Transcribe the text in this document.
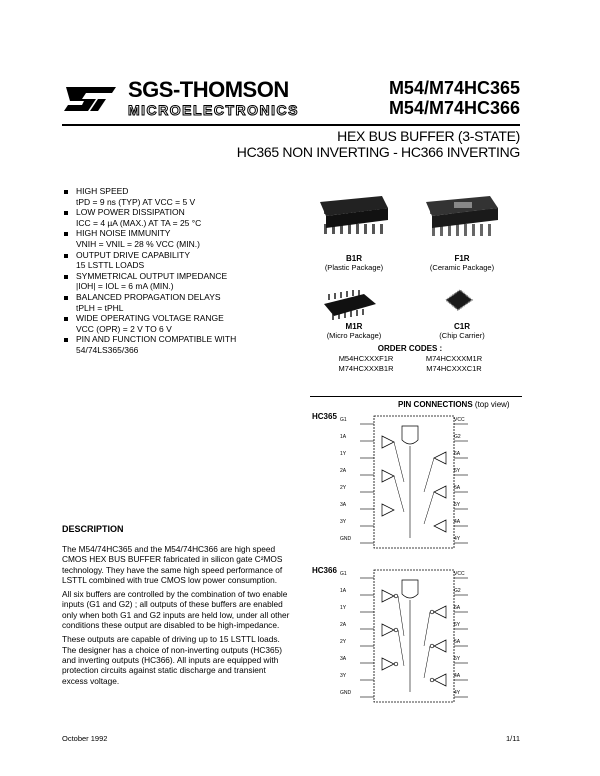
SGS-THOMSON
MICROELECTRONICS
M54/M74HC365
M54/M74HC366
HEX BUS BUFFER (3-STATE)
HC365 NON INVERTING - HC366 INVERTING
HIGH SPEED
tPD = 9 ns (TYP) AT VCC = 5 V
LOW POWER DISSIPATION
ICC = 4 µA (MAX.) AT TA = 25 °C
HIGH NOISE IMMUNITY
VNIH = VNIL = 28 % VCC (MIN.)
OUTPUT DRIVE CAPABILITY
15 LSTTL LOADS
SYMMETRICAL OUTPUT IMPEDANCE
|IOH| = IOL = 6 mA (MIN.)
BALANCED PROPAGATION DELAYS
tPLH = tPHL
WIDE OPERATING VOLTAGE RANGE
VCC (OPR) = 2 V TO 6 V
PIN AND FUNCTION COMPATIBLE WITH
54/74LS365/366
B1R
(Plastic Package)
F1R
(Ceramic Package)
M1R
(Micro Package)
C1R
(Chip Carrier)
ORDER CODES :
M54HCXXXF1R	M74HCXXXM1R
M74HCXXXB1R	M74HCXXXC1R
PIN CONNECTIONS (top view)
HC365
HC366
G1
1A
1Y
2A
2Y
3A
3Y
GND
VCC
G2
6A
6Y
5A
5Y
4A
4Y
G1
1A
1Y
2A
2Y
3A
3Y
GND
VCC
G2
6A
6Y
5A
5Y
4A
4Y
DESCRIPTION

The M54/74HC365 and the M54/74HC366 are high speed CMOS HEX BUS BUFFER fabricated in silicon gate C²MOS technology. They have the same high speed performance of LSTTL combined with true CMOS low power consumption.

All six buffers are controlled by the combination of two enable inputs (G1 and G2) ; all outputs of these buffers are enabled only when both G1 and G2 inputs are held low, under all other conditions these output are disabled to be high-impedance.

These outputs are capable of driving up to 15 LSTTL loads. The designer has a choice of non-inverting outputs (HC365) and inverting outputs (HC366). All inputs are equipped with protection circuits against static discharge and transient excess voltage.

October 1992	1/11
